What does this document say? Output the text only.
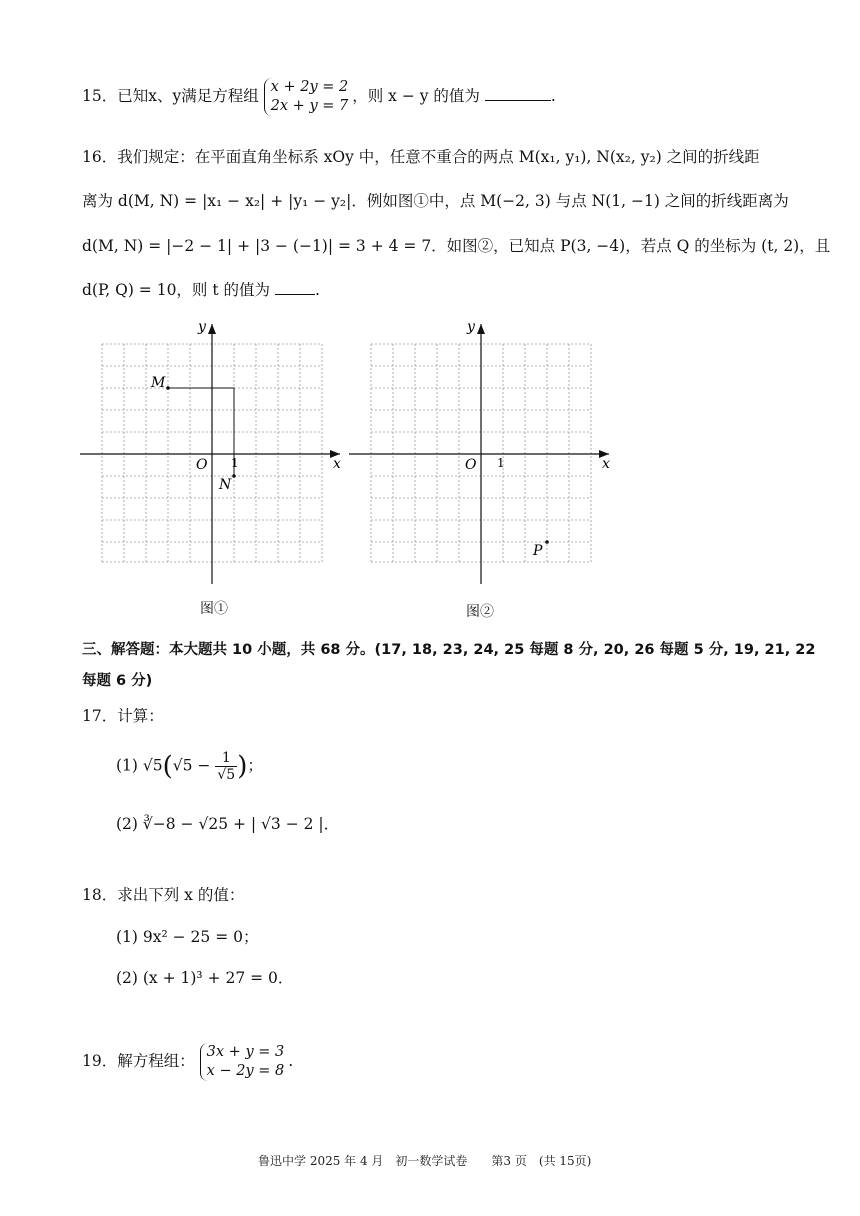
15．已知x、y满足方程组 x + 2y = 2
2x + y = 7，则 x − y 的值为	.
16．我们规定：在平面直角坐标系 xOy 中，任意不重合的两点 M(x₁, y₁), N(x₂, y₂) 之间的折线距
离为 d(M, N) = |x₁ − x₂| + |y₁ − y₂|．例如图①中，点 M(−2, 3) 与点 N(1, −1) 之间的折线距离为
d(M, N) = |−2 − 1| + |3 − (−1)| = 3 + 4 = 7．如图②，已知点 P(3, −4)，若点 Q 的坐标为 (t, 2)，且
d(P, Q) = 10，则 t 的值为	.
y
x
O 1
M
N
图①
y
x
O 1
P
图②
三、解答题：本大题共 10 小题，共 68 分。(17, 18, 23, 24, 25 每题 8 分, 20, 26 每题 5 分, 19, 21, 22
每题 6 分)
17．计算：
(1) $√5(√5 - \frac{1}{√5}$ )；
(2) ∛−8 − √25 + | √3 − 2 |．
18．求出下列 x 的值：
(1) 9x² − 25 = 0；
(2) (x + 1)³ + 27 = 0．
19．解方程组： 3x + y = 3
x − 2y = 8.
鲁迅中学 2025 年 4 月　初一数学试卷　　第3 页　(共 15页)
